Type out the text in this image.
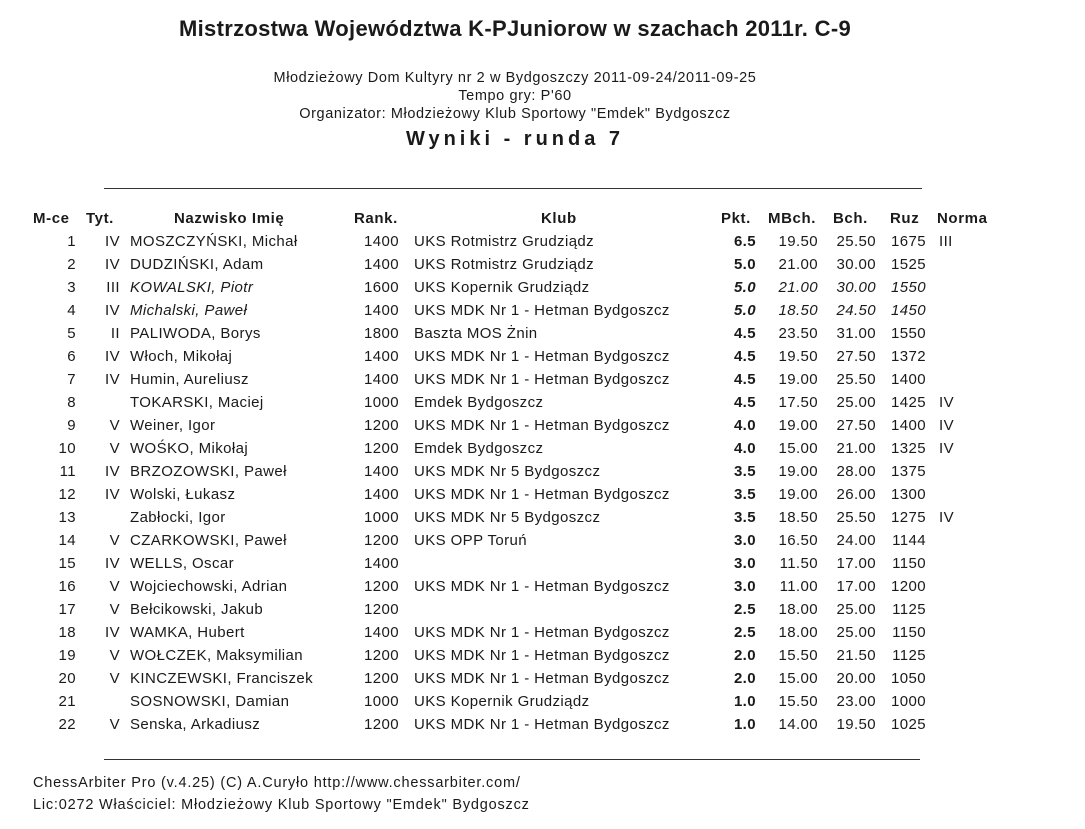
Mistrzostwa Województwa K-PJuniorow w szachach 2011r. C-9
Młodzieżowy Dom Kultyry nr 2 w Bydgoszczy 2011-09-24/2011-09-25
Tempo gry: P'60
Organizator: Młodzieżowy Klub Sportowy "Emdek" Bydgoszcz
Wyniki - runda 7
M-ce Tyt.	Nazwisko Imię	Rank.	Klub	Pkt. MBch. Bch. Ruz Norma
1	IV MOSZCZYŃSKI, Michał	1400 UKS Rotmistrz Grudziądz	6.5	19.50	25.50	1675 III
2	IV DUDZIŃSKI, Adam	1400 UKS Rotmistrz Grudziądz	5.0	21.00	30.00	1525
3	III KOWALSKI, Piotr	1600 UKS Kopernik Grudziądz	5.0	21.00	30.00	1550
4	IV Michalski, Paweł	1400 UKS MDK Nr 1 - Hetman Bydgoszcz	5.0	18.50	24.50	1450
5	II PALIWODA, Borys	1800 Baszta MOS Żnin	4.5	23.50	31.00	1550
6	IV Włoch, Mikołaj	1400 UKS MDK Nr 1 - Hetman Bydgoszcz	4.5	19.50	27.50	1372
7	IV Humin, Aureliusz	1400 UKS MDK Nr 1 - Hetman Bydgoszcz	4.5	19.00	25.50	1400
8	TOKARSKI, Maciej	1000 Emdek Bydgoszcz	4.5	17.50	25.00	1425 IV
9	V Weiner, Igor	1200 UKS MDK Nr 1 - Hetman Bydgoszcz	4.0	19.00	27.50	1400 IV
10	V WOŚKO, Mikołaj	1200 Emdek Bydgoszcz	4.0	15.00	21.00	1325 IV
11	IV BRZOZOWSKI, Paweł	1400 UKS MDK Nr 5 Bydgoszcz	3.5	19.00	28.00	1375
12	IV Wolski, Łukasz	1400 UKS MDK Nr 1 - Hetman Bydgoszcz	3.5	19.00	26.00	1300
13	Zabłocki, Igor	1000 UKS MDK Nr 5 Bydgoszcz	3.5	18.50	25.50	1275 IV
14	V CZARKOWSKI, Paweł	1200 UKS OPP Toruń	3.0	16.50	24.00	1144
15	IV WELLS, Oscar	1400	3.0	11.50	17.00	1150
16	V Wojciechowski, Adrian	1200 UKS MDK Nr 1 - Hetman Bydgoszcz	3.0	11.00	17.00	1200
17	V Bełcikowski, Jakub	1200	2.5	18.00	25.00	1125
18	IV WAMKA, Hubert	1400 UKS MDK Nr 1 - Hetman Bydgoszcz	2.5	18.00	25.00	1150
19	V WOŁCZEK, Maksymilian	1200 UKS MDK Nr 1 - Hetman Bydgoszcz	2.0	15.50	21.50	1125
20	V KINCZEWSKI, Franciszek	1200 UKS MDK Nr 1 - Hetman Bydgoszcz	2.0	15.00	20.00	1050
21	SOSNOWSKI, Damian	1000 UKS Kopernik Grudziądz	1.0	15.50	23.00	1000
22	V Senska, Arkadiusz	1200 UKS MDK Nr 1 - Hetman Bydgoszcz	1.0	14.00	19.50	1025
ChessArbiter Pro (v.4.25) (C) A.Curyło http://www.chessarbiter.com/
Lic:0272 Właściciel: Młodzieżowy Klub Sportowy "Emdek" Bydgoszcz
